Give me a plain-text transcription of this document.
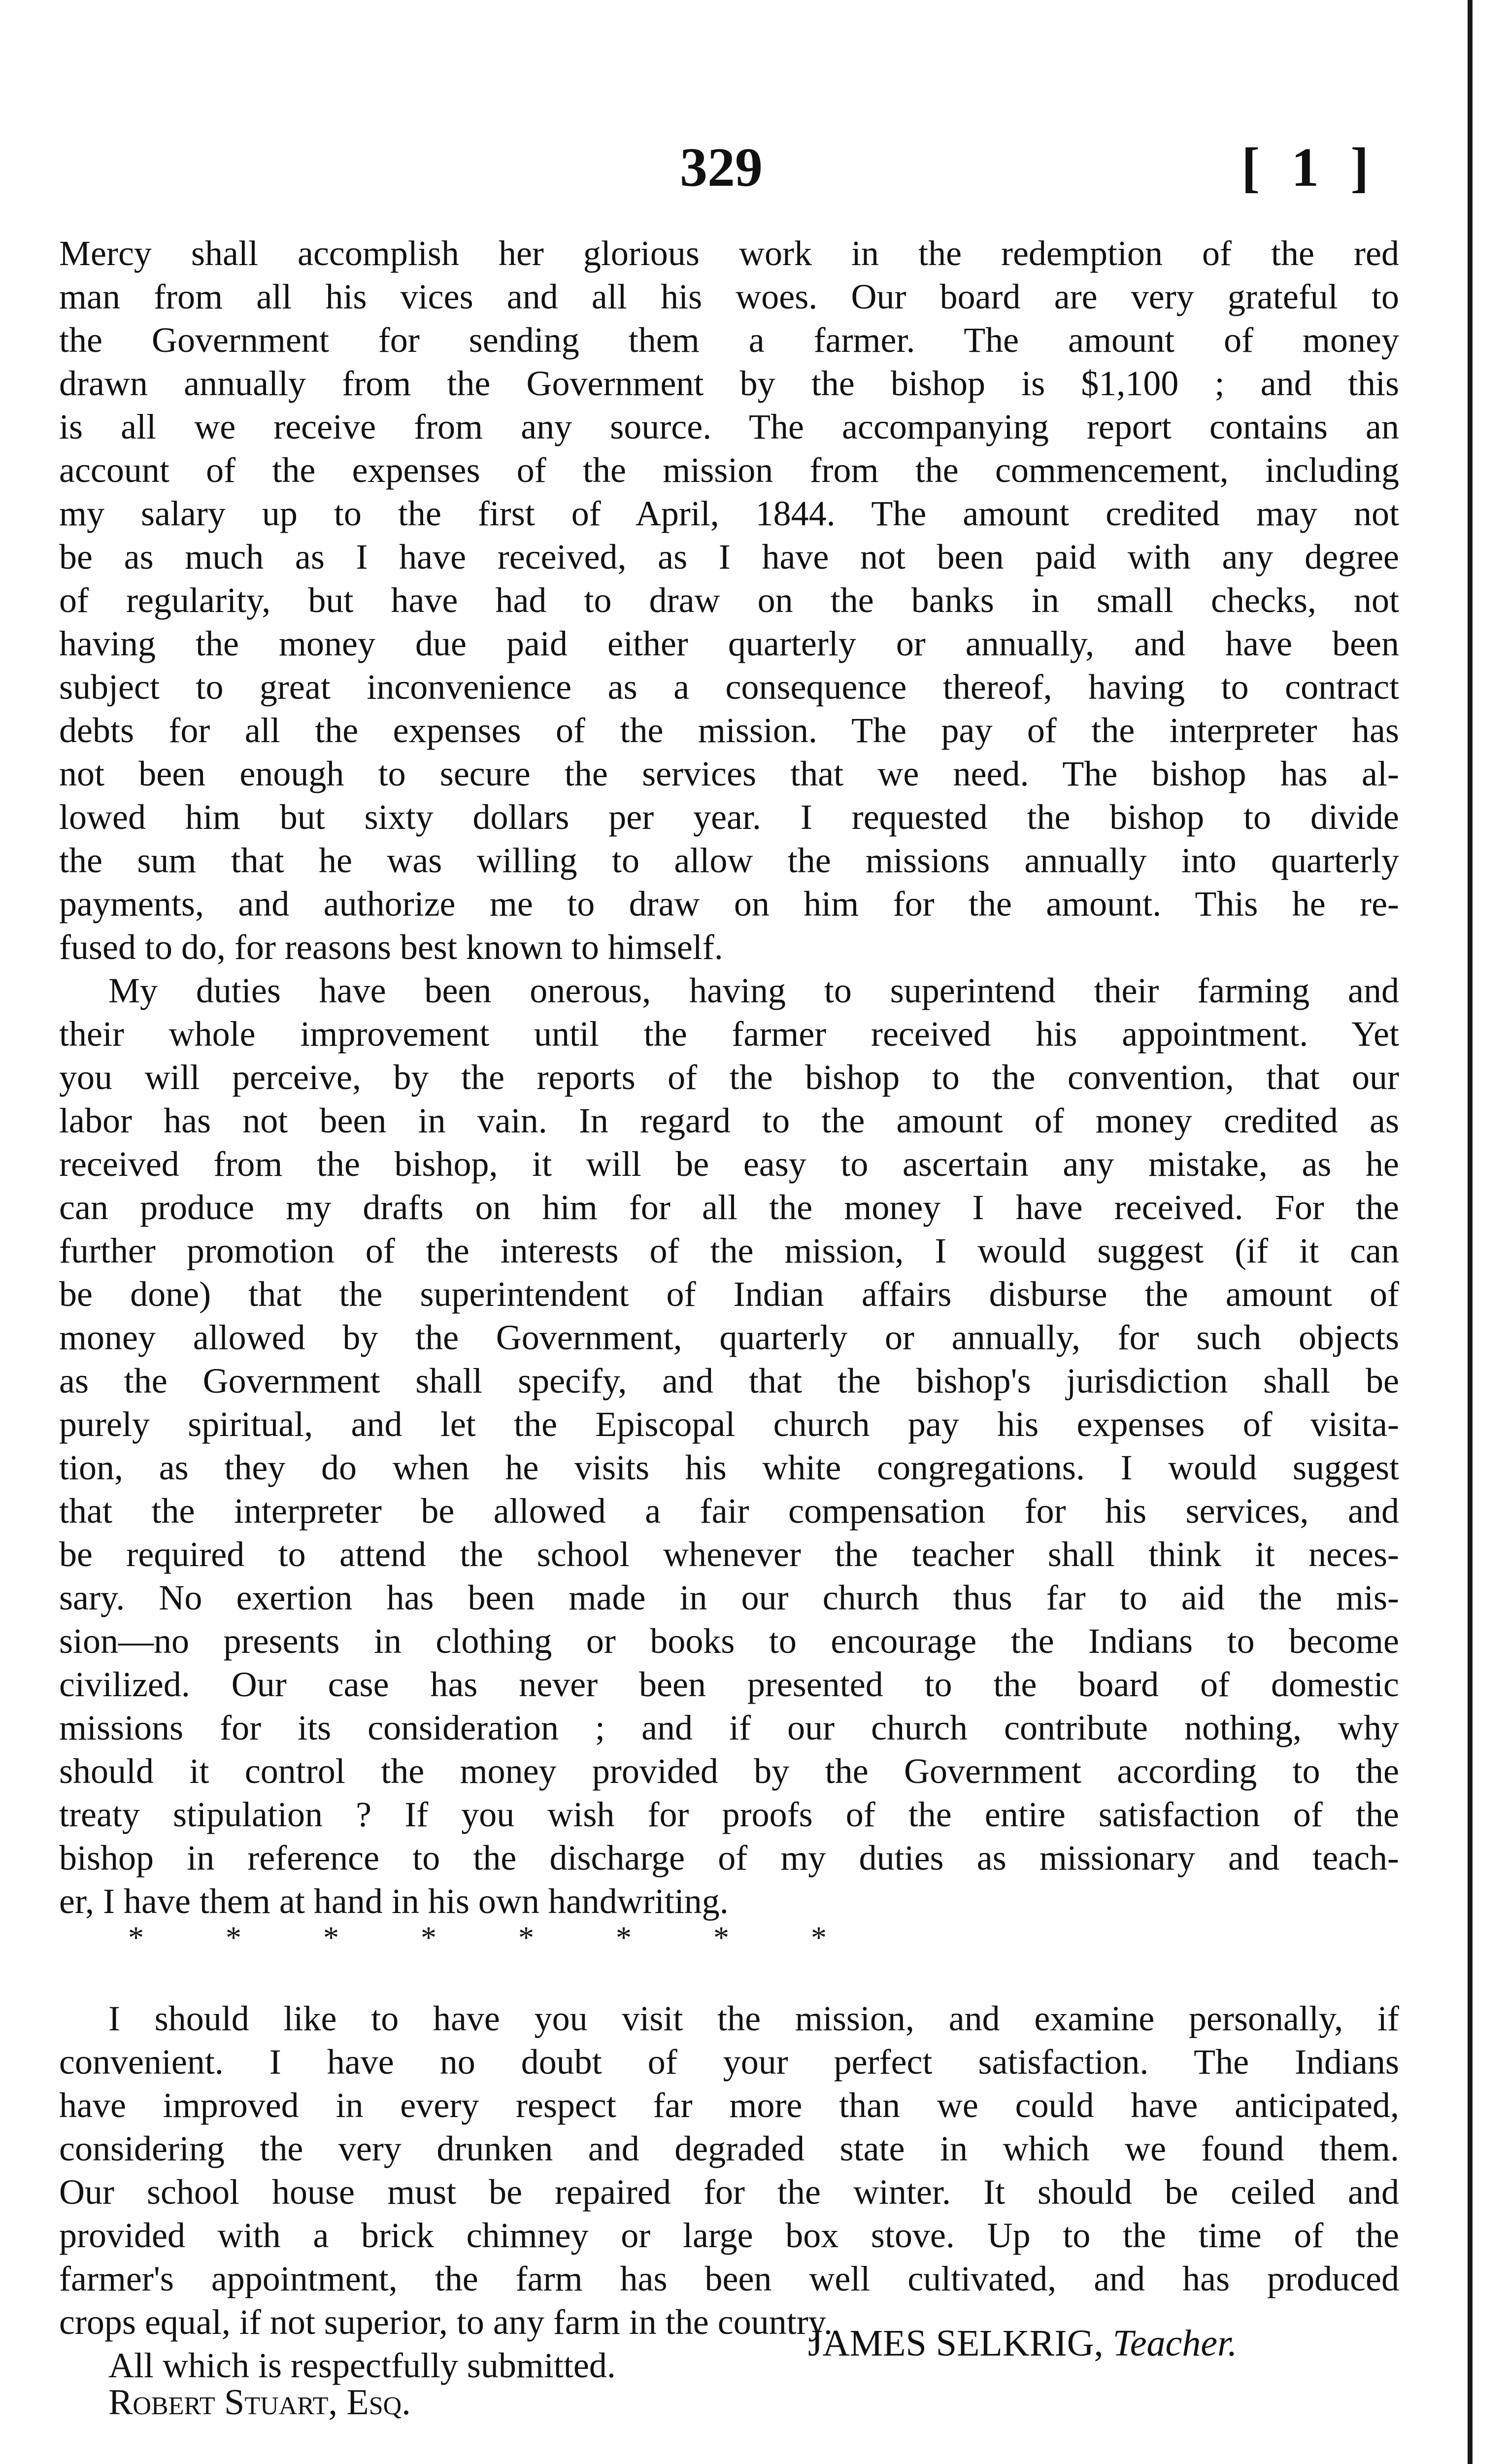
329	[ 1 ]
Mercy shall accomplish her glorious work in the redemption of the red
man from all his vices and all his woes. Our board are very grateful to
the Government for sending them a farmer. The amount of money
drawn annually from the Government by the bishop is $1,100 ; and this
is all we receive from any source. The accompanying report contains an
account of the expenses of the mission from the commencement, including
my salary up to the first of April, 1844. The amount credited may not
be as much as I have received, as I have not been paid with any degree
of regularity, but have had to draw on the banks in small checks, not
having the money due paid either quarterly or annually, and have been
subject to great inconvenience as a consequence thereof, having to contract
debts for all the expenses of the mission. The pay of the interpreter has
not been enough to secure the services that we need. The bishop has al-
lowed him but sixty dollars per year. I requested the bishop to divide
the sum that he was willing to allow the missions annually into quarterly
payments, and authorize me to draw on him for the amount. This he re-
fused to do, for reasons best known to himself.
My duties have been onerous, having to superintend their farming and
their whole improvement until the farmer received his appointment. Yet
you will perceive, by the reports of the bishop to the convention, that our
labor has not been in vain. In regard to the amount of money credited as
received from the bishop, it will be easy to ascertain any mistake, as he
can produce my drafts on him for all the money I have received. For the
further promotion of the interests of the mission, I would suggest (if it can
be done) that the superintendent of Indian affairs disburse the amount of
money allowed by the Government, quarterly or annually, for such objects
as the Government shall specify, and that the bishop's jurisdiction shall be
purely spiritual, and let the Episcopal church pay his expenses of visita-
tion, as they do when he visits his white congregations. I would suggest
that the interpreter be allowed a fair compensation for his services, and
be required to attend the school whenever the teacher shall think it neces-
sary. No exertion has been made in our church thus far to aid the mis-
sion—no presents in clothing or books to encourage the Indians to become
civilized. Our case has never been presented to the board of domestic
missions for its consideration ; and if our church contribute nothing, why
should it control the money provided by the Government according to the
treaty stipulation ? If you wish for proofs of the entire satisfaction of the
bishop in reference to the discharge of my duties as missionary and teach-
er, I have them at hand in his own handwriting.
* * * * * * * *
I should like to have you visit the mission, and examine personally, if
convenient. I have no doubt of your perfect satisfaction. The Indians
have improved in every respect far more than we could have anticipated,
considering the very drunken and degraded state in which we found them.
Our school house must be repaired for the winter. It should be ceiled and
provided with a brick chimney or large box stove. Up to the time of the
farmer's appointment, the farm has been well cultivated, and has produced
crops equal, if not superior, to any farm in the country.
All which is respectfully submitted.
JAMES SELKRIG, Teacher.
Robert Stuart, Esq.
